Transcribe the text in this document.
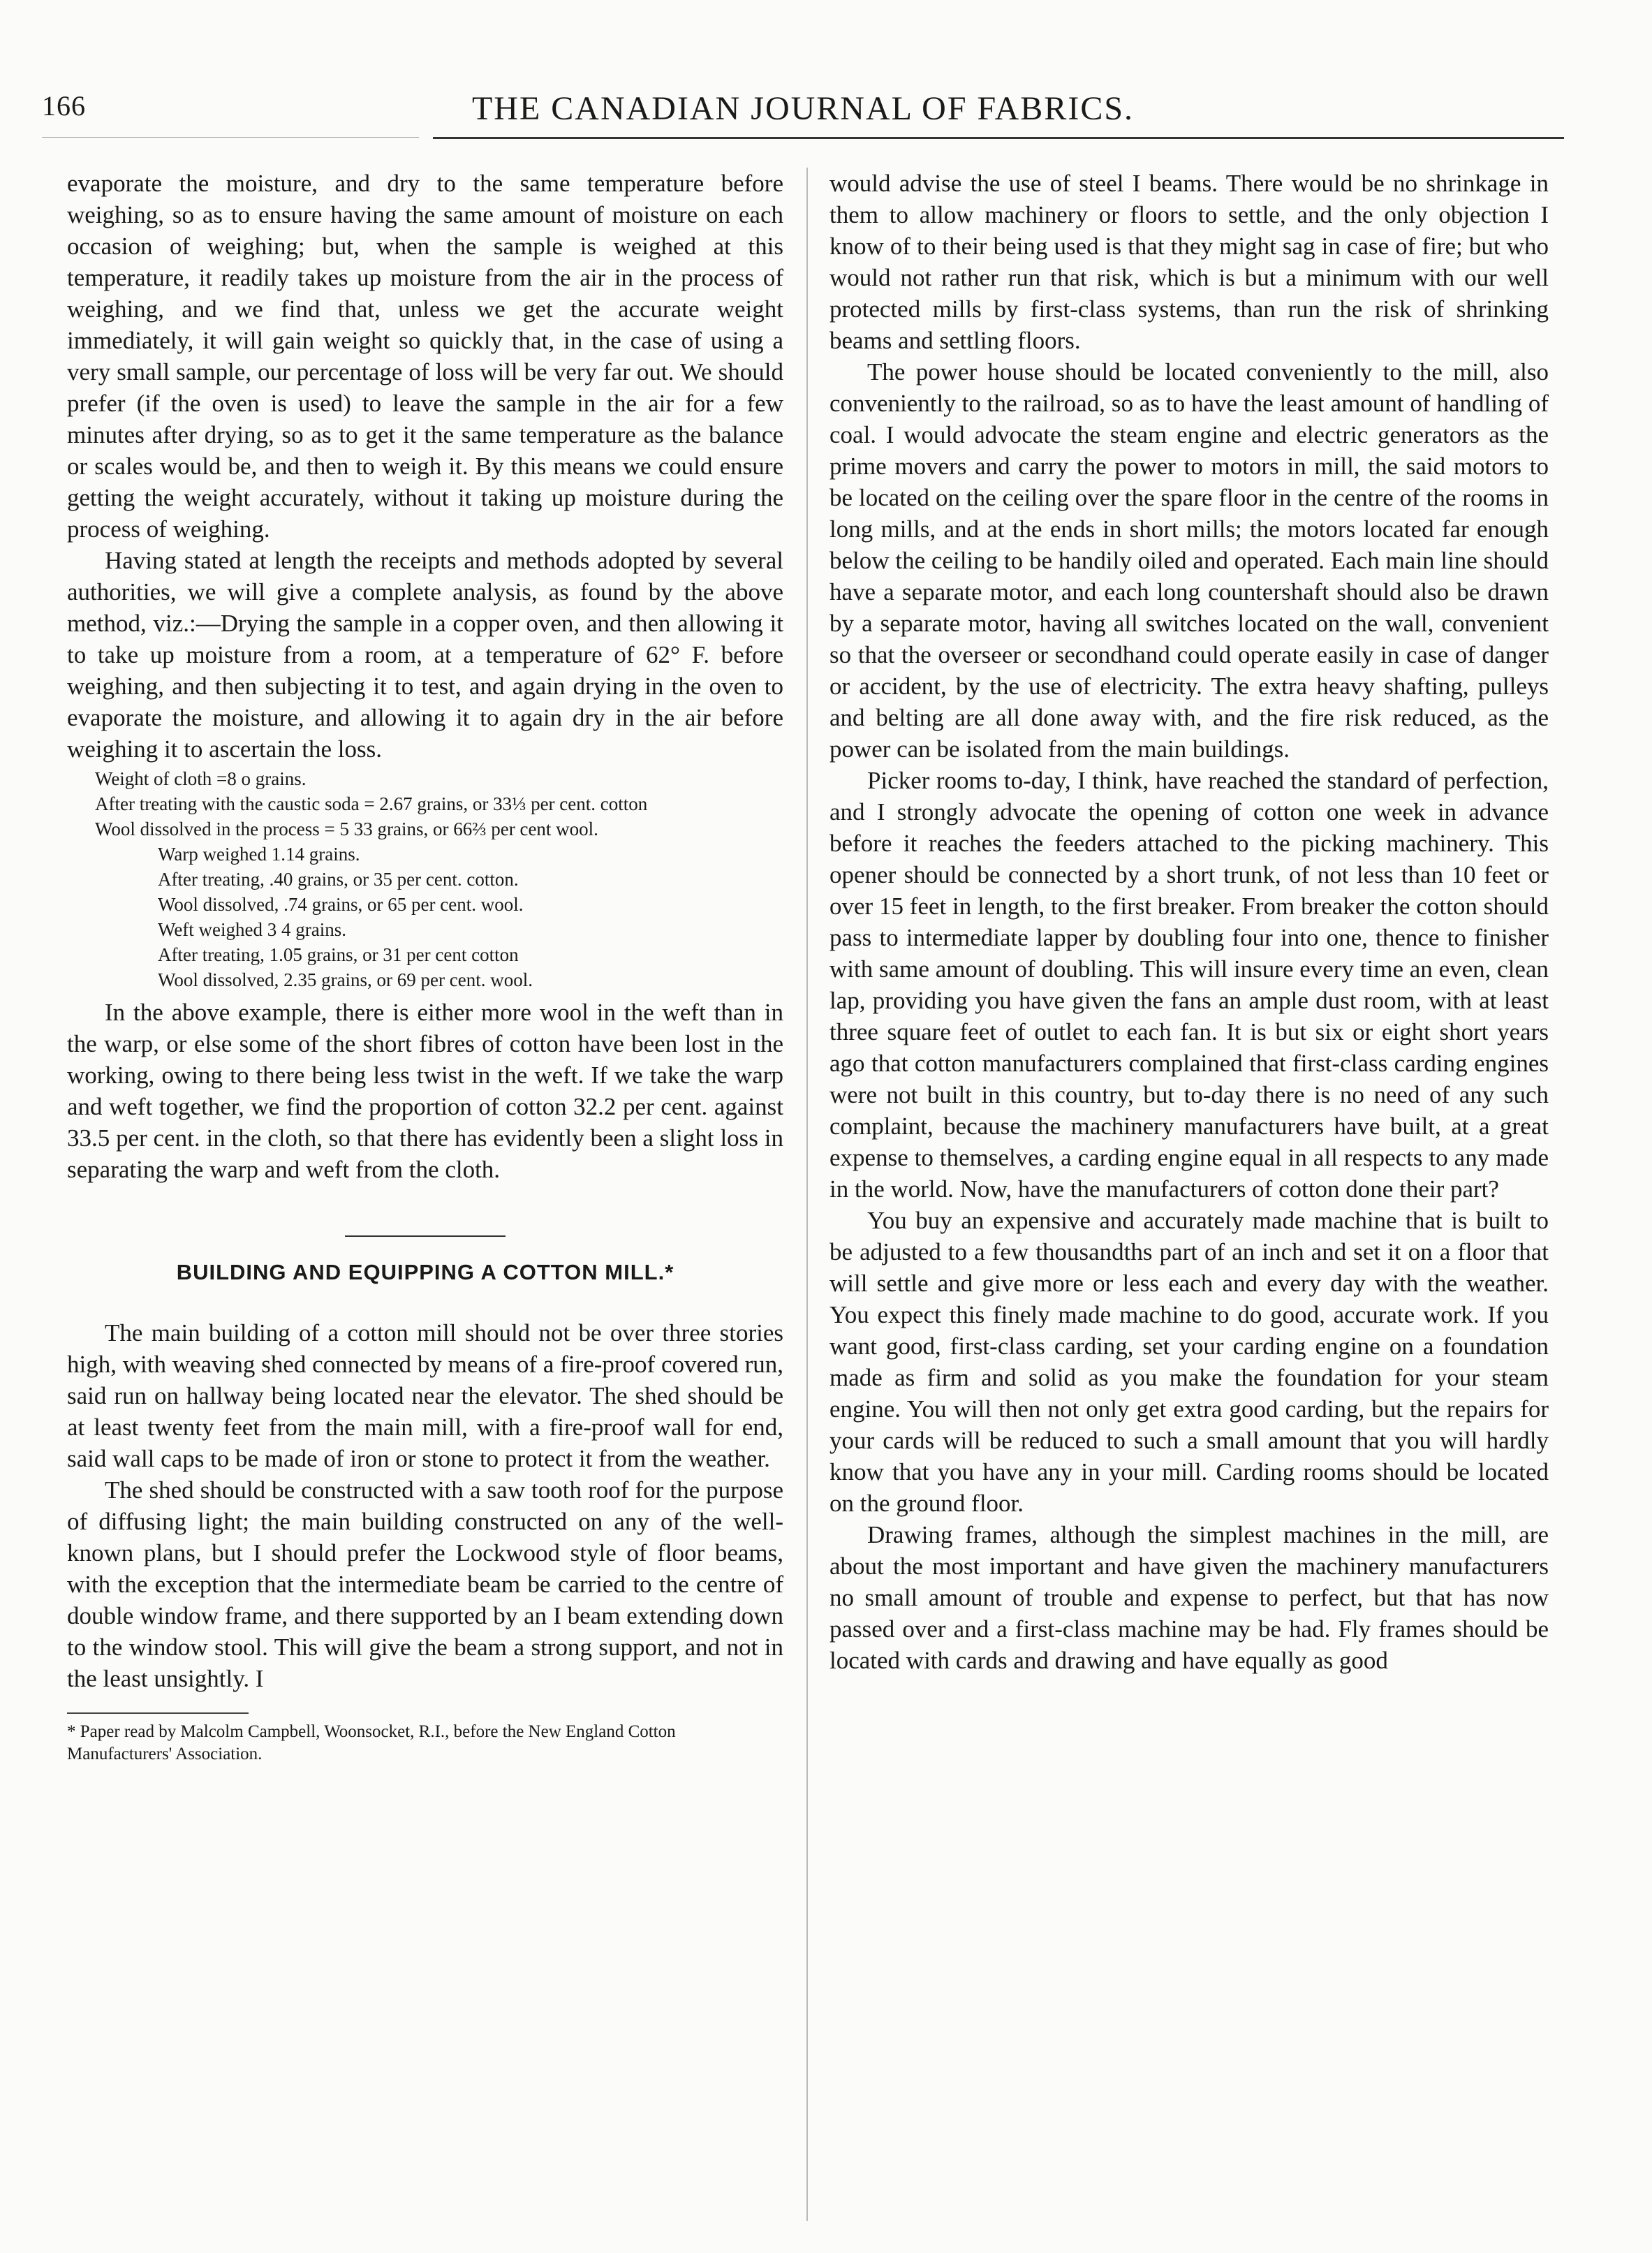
166	THE CANADIAN JOURNAL OF FABRICS.

evaporate the moisture, and dry to the same temperature before weighing, so as to ensure having the same amount of moisture on each occasion of weighing; but, when the sample is weighed at this temperature, it readily takes up moisture from the air in the process of weighing, and we find that, unless we get the accurate weight immediately, it will gain weight so quickly that, in the case of using a very small sample, our percentage of loss will be very far out. We should prefer (if the oven is used) to leave the sample in the air for a few minutes after drying, so as to get it the same temperature as the balance or scales would be, and then to weigh it. By this means we could ensure getting the weight accurately, without it taking up moisture during the process of weighing.

Having stated at length the receipts and methods adopted by several authorities, we will give a complete analysis, as found by the above method, viz.:—Drying the sample in a copper oven, and then allowing it to take up moisture from a room, at a temperature of 62° F. before weighing, and then subjecting it to test, and again drying in the oven to evaporate the moisture, and allowing it to again dry in the air before weighing it to ascertain the loss.

Weight of cloth =8 o grains.
After treating with the caustic soda = 2.67 grains, or 33⅓ per cent. cotton
Wool dissolved in the process = 5 33 grains, or 66⅔ per cent wool.
Warp weighed 1.14 grains.
After treating, .40 grains, or 35 per cent. cotton.
Wool dissolved, .74 grains, or 65 per cent. wool.
Weft weighed 3 4 grains.
After treating, 1.05 grains, or 31 per cent cotton
Wool dissolved, 2.35 grains, or 69 per cent. wool.

In the above example, there is either more wool in the weft than in the warp, or else some of the short fibres of cotton have been lost in the working, owing to there being less twist in the weft. If we take the warp and weft together, we find the proportion of cotton 32.2 per cent. against 33.5 per cent. in the cloth, so that there has evidently been a slight loss in separating the warp and weft from the cloth.

BUILDING AND EQUIPPING A COTTON MILL.*

The main building of a cotton mill should not be over three stories high, with weaving shed connected by means of a fire-proof covered run, said run on hallway being located near the elevator. The shed should be at least twenty feet from the main mill, with a fire-proof wall for end, said wall caps to be made of iron or stone to protect it from the weather.

The shed should be constructed with a saw tooth roof for the purpose of diffusing light; the main building constructed on any of the well-known plans, but I should prefer the Lockwood style of floor beams, with the exception that the intermediate beam be carried to the centre of double window frame, and there supported by an I beam extending down to the window stool. This will give the beam a strong support, and not in the least unsightly. I

* Paper read by Malcolm Campbell, Woonsocket, R.I., before the New England Cotton Manufacturers' Association.

would advise the use of steel I beams. There would be no shrinkage in them to allow machinery or floors to settle, and the only objection I know of to their being used is that they might sag in case of fire; but who would not rather run that risk, which is but a minimum with our well protected mills by first-class systems, than run the risk of shrinking beams and settling floors.

The power house should be located conveniently to the mill, also conveniently to the railroad, so as to have the least amount of handling of coal. I would advocate the steam engine and electric generators as the prime movers and carry the power to motors in mill, the said motors to be located on the ceiling over the spare floor in the centre of the rooms in long mills, and at the ends in short mills; the motors located far enough below the ceiling to be handily oiled and operated. Each main line should have a separate motor, and each long countershaft should also be drawn by a separate motor, having all switches located on the wall, convenient so that the overseer or secondhand could operate easily in case of danger or accident, by the use of electricity. The extra heavy shafting, pulleys and belting are all done away with, and the fire risk reduced, as the power can be isolated from the main buildings.

Picker rooms to-day, I think, have reached the standard of perfection, and I strongly advocate the opening of cotton one week in advance before it reaches the feeders attached to the picking machinery. This opener should be connected by a short trunk, of not less than 10 feet or over 15 feet in length, to the first breaker. From breaker the cotton should pass to intermediate lapper by doubling four into one, thence to finisher with same amount of doubling. This will insure every time an even, clean lap, providing you have given the fans an ample dust room, with at least three square feet of outlet to each fan. It is but six or eight short years ago that cotton manufacturers complained that first-class carding engines were not built in this country, but to-day there is no need of any such complaint, because the machinery manufacturers have built, at a great expense to themselves, a carding engine equal in all respects to any made in the world. Now, have the manufacturers of cotton done their part?

You buy an expensive and accurately made machine that is built to be adjusted to a few thousandths part of an inch and set it on a floor that will settle and give more or less each and every day with the weather. You expect this finely made machine to do good, accurate work. If you want good, first-class carding, set your carding engine on a foundation made as firm and solid as you make the foundation for your steam engine. You will then not only get extra good carding, but the repairs for your cards will be reduced to such a small amount that you will hardly know that you have any in your mill. Carding rooms should be located on the ground floor.

Drawing frames, although the simplest machines in the mill, are about the most important and have given the machinery manufacturers no small amount of trouble and expense to perfect, but that has now passed over and a first-class machine may be had. Fly frames should be located with cards and drawing and have equally as good
